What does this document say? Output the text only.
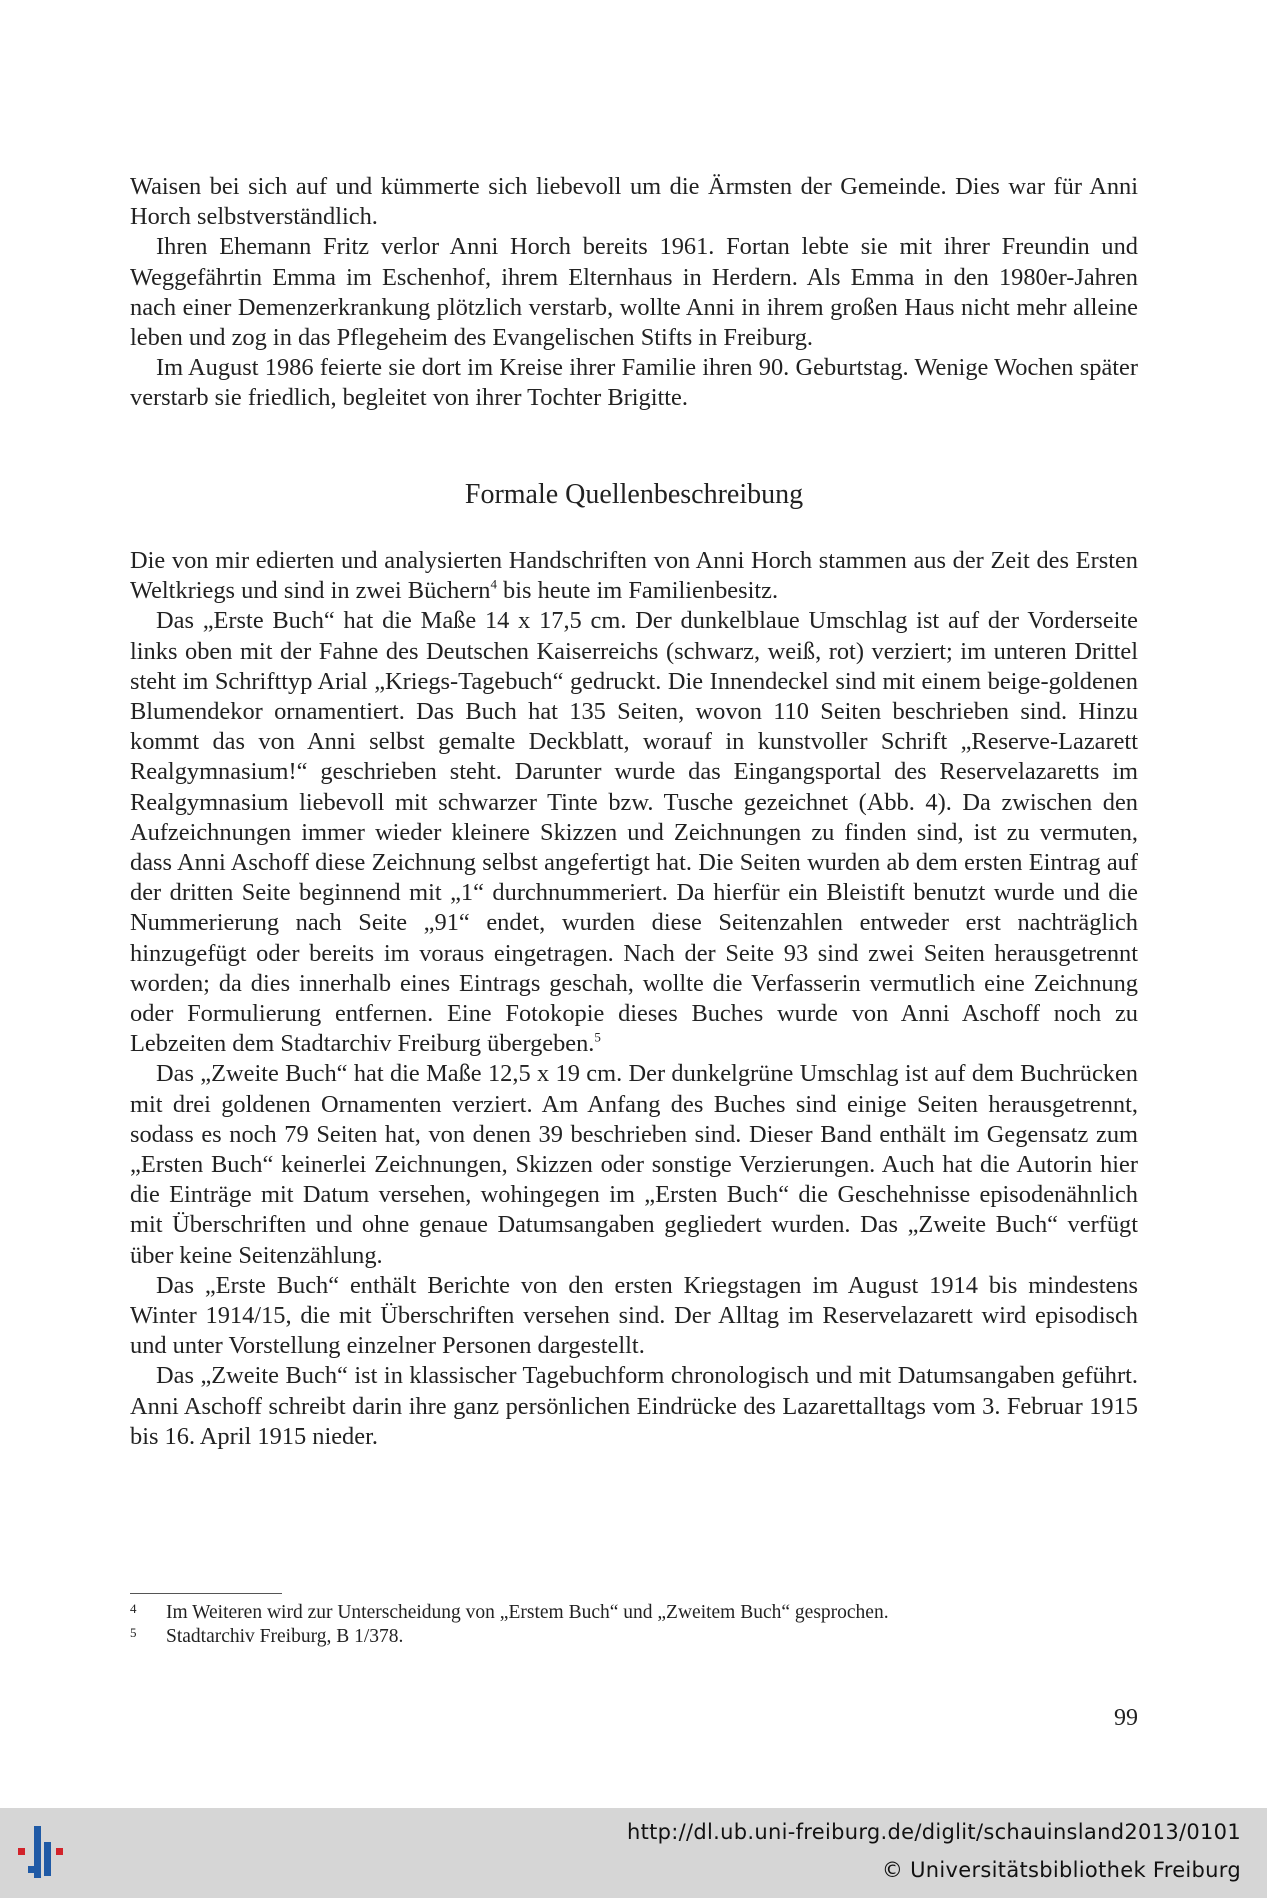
Waisen bei sich auf und kümmerte sich liebevoll um die Ärmsten der Gemeinde. Dies war für Anni Horch selbstverständlich.

Ihren Ehemann Fritz verlor Anni Horch bereits 1961. Fortan lebte sie mit ihrer Freundin und Weggefährtin Emma im Eschenhof, ihrem Elternhaus in Herdern. Als Emma in den 1980er-Jahren nach einer Demenzerkrankung plötzlich verstarb, wollte Anni in ihrem großen Haus nicht mehr alleine leben und zog in das Pflegeheim des Evangelischen Stifts in Freiburg.

Im August 1986 feierte sie dort im Kreise ihrer Familie ihren 90. Geburtstag. Wenige Wochen später verstarb sie friedlich, begleitet von ihrer Tochter Brigitte.

Formale Quellenbeschreibung

Die von mir edierten und analysierten Handschriften von Anni Horch stammen aus der Zeit des Ersten Weltkriegs und sind in zwei Büchern$^4$ bis heute im Familienbesitz.

Das „Erste Buch“ hat die Maße 14 x 17,5 cm. Der dunkelblaue Umschlag ist auf der Vorderseite links oben mit der Fahne des Deutschen Kaiserreichs (schwarz, weiß, rot) verziert; im unteren Drittel steht im Schrifttyp Arial „Kriegs-Tagebuch“ gedruckt. Die Innendeckel sind mit einem beige-goldenen Blumendekor ornamentiert. Das Buch hat 135 Seiten, wovon 110 Seiten beschrieben sind. Hinzu kommt das von Anni selbst gemalte Deckblatt, worauf in kunstvoller Schrift „Reserve-Lazarett Realgymnasium!“ geschrieben steht. Darunter wurde das Eingangsportal des Reservelazaretts im Realgymnasium liebevoll mit schwarzer Tinte bzw. Tusche gezeichnet (Abb. 4). Da zwischen den Aufzeichnungen immer wieder kleinere Skizzen und Zeichnungen zu finden sind, ist zu vermuten, dass Anni Aschoff diese Zeichnung selbst angefertigt hat. Die Seiten wurden ab dem ersten Eintrag auf der dritten Seite beginnend mit „1“ durchnummeriert. Da hierfür ein Bleistift benutzt wurde und die Nummerierung nach Seite „91“ endet, wurden diese Seitenzahlen entweder erst nachträglich hinzugefügt oder bereits im voraus eingetragen. Nach der Seite 93 sind zwei Seiten herausgetrennt worden; da dies innerhalb eines Eintrags geschah, wollte die Verfasserin vermutlich eine Zeichnung oder Formulierung entfernen. Eine Fotokopie dieses Buches wurde von Anni Aschoff noch zu Lebzeiten dem Stadtarchiv Freiburg übergeben.$^5$

Das „Zweite Buch“ hat die Maße 12,5 x 19 cm. Der dunkelgrüne Umschlag ist auf dem Buchrücken mit drei goldenen Ornamenten verziert. Am Anfang des Buches sind einige Seiten herausgetrennt, sodass es noch 79 Seiten hat, von denen 39 beschrieben sind. Dieser Band enthält im Gegensatz zum „Ersten Buch“ keinerlei Zeichnungen, Skizzen oder sonstige Verzierungen. Auch hat die Autorin hier die Einträge mit Datum versehen, wohingegen im „Ersten Buch“ die Geschehnisse episodenähnlich mit Überschriften und ohne genaue Datumsangaben gegliedert wurden. Das „Zweite Buch“ verfügt über keine Seitenzählung.

Das „Erste Buch“ enthält Berichte von den ersten Kriegstagen im August 1914 bis mindestens Winter 1914/15, die mit Überschriften versehen sind. Der Alltag im Reservelazarett wird episodisch und unter Vorstellung einzelner Personen dargestellt.

Das „Zweite Buch“ ist in klassischer Tagebuchform chronologisch und mit Datumsangaben geführt. Anni Aschoff schreibt darin ihre ganz persönlichen Eindrücke des Lazarettalltags vom 3. Februar 1915 bis 16. April 1915 nieder.

4	Im Weiteren wird zur Unterscheidung von „Erstem Buch“ und „Zweitem Buch“ gesprochen.
5	Stadtarchiv Freiburg, B 1/378.
99
http://dl.ub.uni-freiburg.de/diglit/schauinsland2013/0101
© Universitätsbibliothek Freiburg
